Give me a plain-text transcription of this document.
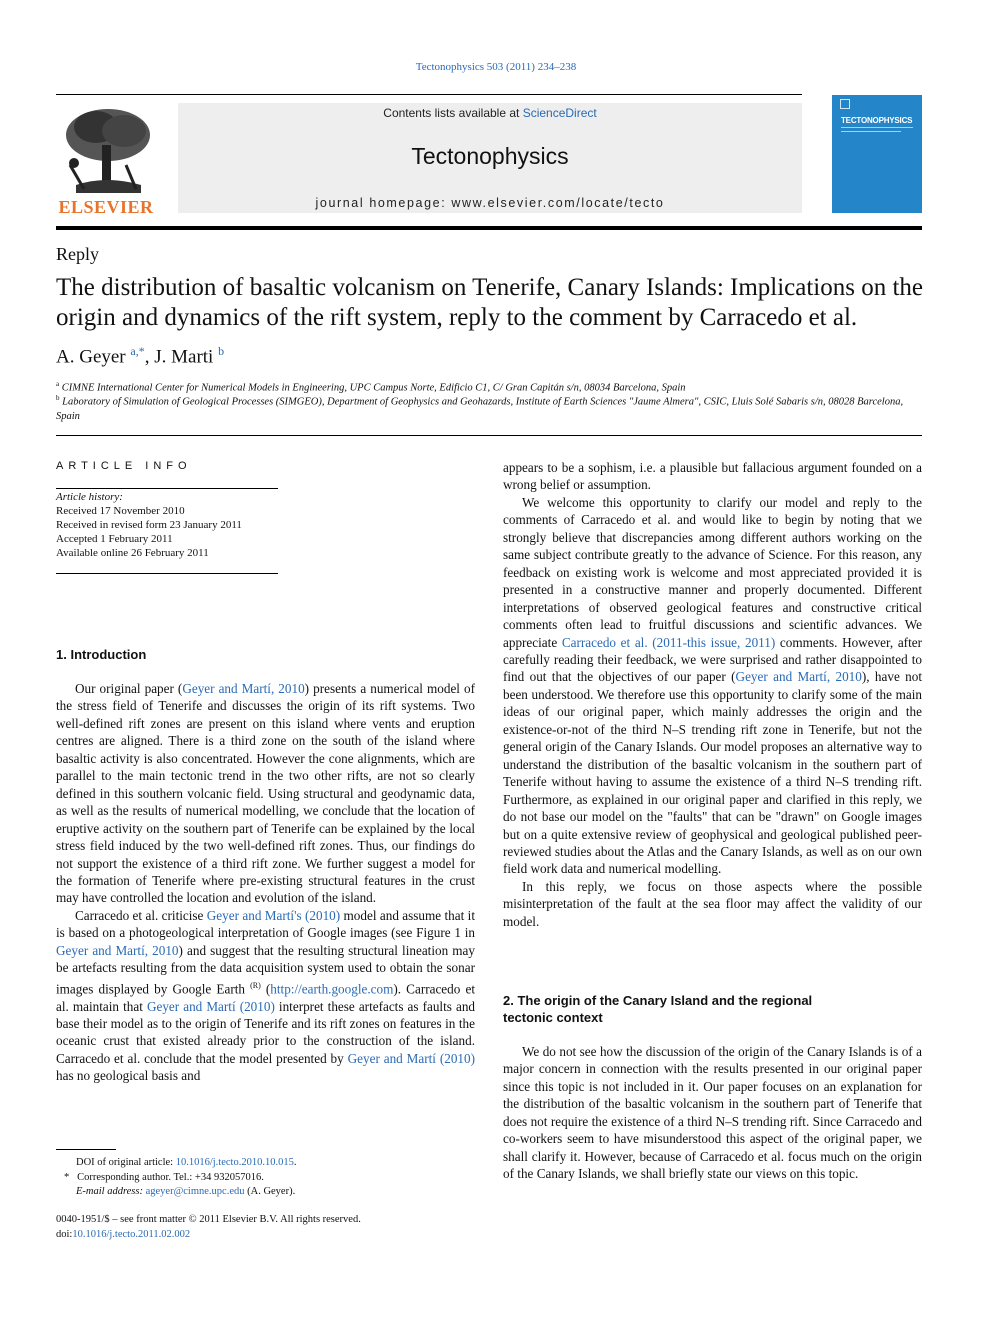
Tectonophysics 503 (2011) 234–238
ELSEVIER
Contents lists available at ScienceDirect
Tectonophysics
journal homepage: www.elsevier.com/locate/tecto
TECTONOPHYSICS
Reply
The distribution of basaltic volcanism on Tenerife, Canary Islands: Implications on the origin and dynamics of the rift system, reply to the comment by Carracedo et al.
A. Geyer $^{a,*}$, J. Marti $^b$
$^a$ CIMNE International Center for Numerical Models in Engineering, UPC Campus Norte, Edificio C1, C/ Gran Capitán s/n, 08034 Barcelona, Spain
$^b$ Laboratory of Simulation of Geological Processes (SIMGEO), Department of Geophysics and Geohazards, Institute of Earth Sciences "Jaume Almera", CSIC, Lluis Solé Sabaris s/n, 08028 Barcelona, Spain
ARTICLE INFO
Article history:
Received 17 November 2010
Received in revised form 23 January 2011
Accepted 1 February 2011
Available online 26 February 2011
1. Introduction

Our original paper (Geyer and Martí, 2010) presents a numerical model of the stress field of Tenerife and discusses the origin of its rift systems. Two well-defined rift zones are present on this island where vents and eruption centres are aligned. There is a third zone on the south of the island where basaltic activity is also concentrated. However the cone alignments, which are parallel to the main tectonic trend in the two other rifts, are not so clearly defined in this southern volcanic field. Using structural and geodynamic data, as well as the results of numerical modelling, we conclude that the location of eruptive activity on the southern part of Tenerife can be explained by the local stress field induced by the two well-defined rift zones. Thus, our findings do not support the existence of a third rift zone. We further suggest a model for the formation of Tenerife where pre-existing structural features in the crust may have controlled the location and evolution of the island.

Carracedo et al. criticise Geyer and Martí's (2010) model and assume that it is based on a photogeological interpretation of Google images (see Figure 1 in Geyer and Martí, 2010) and suggest that the resulting structural lineation may be artefacts resulting from the data acquisition system used to obtain the sonar images displayed by Google Earth $^{(R)}$ (http://earth.google.com). Carracedo et al. maintain that Geyer and Martí (2010) interpret these artefacts as faults and base their model as to the origin of Tenerife and its rift zones on features in the oceanic crust that existed already prior to the construction of the island. Carracedo et al. conclude that the model presented by Geyer and Martí (2010) has no geological basis and

appears to be a sophism, i.e. a plausible but fallacious argument founded on a wrong belief or assumption.

We welcome this opportunity to clarify our model and reply to the comments of Carracedo et al. and would like to begin by noting that we strongly believe that discrepancies among different authors working on the same subject contribute greatly to the advance of Science. For this reason, any feedback on existing work is welcome and most appreciated provided it is presented in a constructive manner and properly documented. Different interpretations of observed geological features and constructive critical comments often lead to fruitful discussions and scientific advances. We appreciate Carracedo et al. (2011-this issue, 2011) comments. However, after carefully reading their feedback, we were surprised and rather disappointed to find out that the objectives of our paper (Geyer and Martí, 2010), have not been understood. We therefore use this opportunity to clarify some of the main ideas of our original paper, which mainly addresses the origin and the existence-or-not of the third N–S trending rift zone in Tenerife, but not the general origin of the Canary Islands. Our model proposes an alternative way to understand the distribution of the basaltic volcanism in the southern part of Tenerife without having to assume the existence of a third N–S trending rift. Furthermore, as explained in our original paper and clarified in this reply, we do not base our model on the "faults" that can be "drawn" on Google images but on a quite extensive review of geophysical and geological published peer-reviewed studies about the Atlas and the Canary Islands, as well as on our own field work data and numerical modelling.

In this reply, we focus on those aspects where the possible misinterpretation of the fault at the sea floor may affect the validity of our model.

2. The origin of the Canary Island and the regional
tectonic context

We do not see how the discussion of the origin of the Canary Islands is of a major concern in connection with the results presented in our original paper since this topic is not included in it. Our paper focuses on an explanation for the distribution of the basaltic volcanism in the southern part of Tenerife that does not require the existence of a third N–S trending rift. Since Carracedo and co-workers seem to have misunderstood this aspect of the original paper, we shall clarify it. However, because of Carracedo et al. focus much on the origin of the Canary Islands, we shall briefly state our views on this topic.

DOI of original article: 10.1016/j.tecto.2010.10.015.
* Corresponding author. Tel.: +34 932057016.
E-mail address: ageyer@cimne.upc.edu (A. Geyer).
0040-1951/$ – see front matter © 2011 Elsevier B.V. All rights reserved.
doi:10.1016/j.tecto.2011.02.002
